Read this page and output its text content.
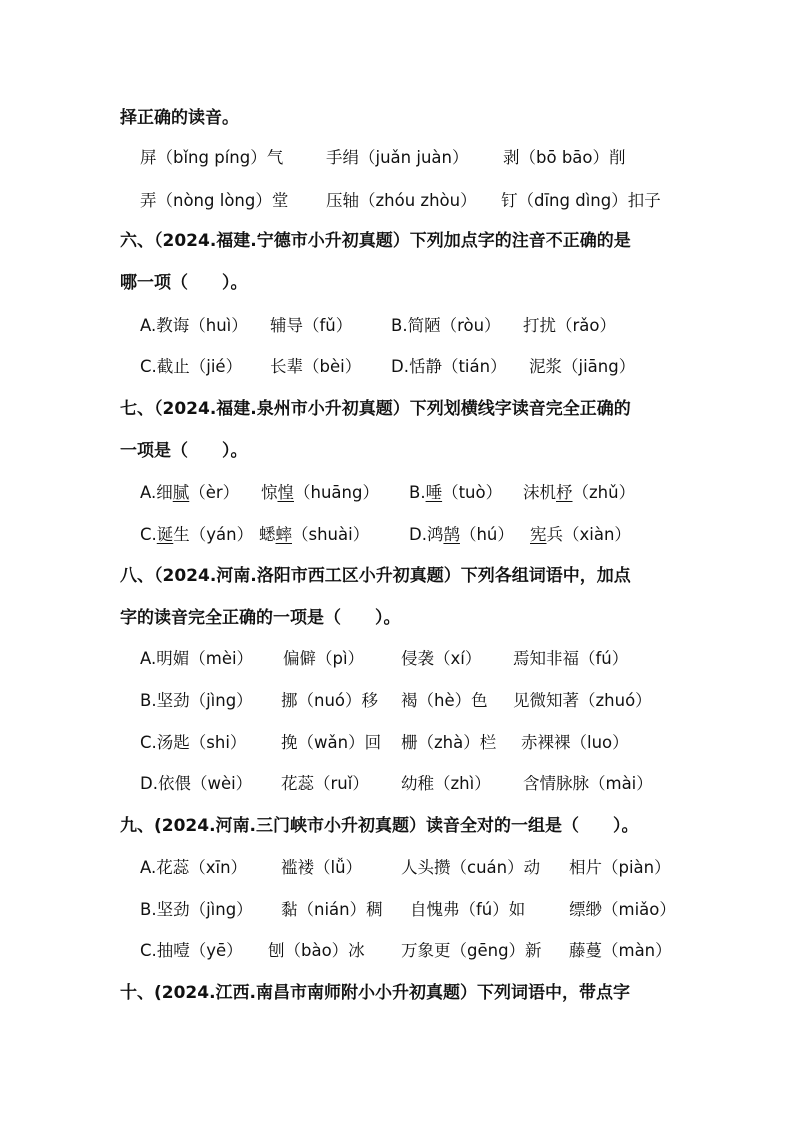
择正确的读音。
屏（bǐng píng）气	手绢（juǎn juàn） 剥（bō bāo）削
弄（nòng lòng）堂 压轴（zhóu zhòu） 钉（dīng dìng）扣子
六、（2024.福建.宁德市小升初真题）下列加点字的注音不正确的是
哪一项（　　）。
A.教诲（huì） 辅导（fǔ） B.简陋（ròu） 打扰（rǎo）
C.截止（jié） 长辈（bèi） D.恬静（tián） 泥浆（jiāng）
七、（2024.福建.泉州市小升初真题）下列划横线字读音完全正确的
一项是（　　）。
A.细腻（èr） 惊惶（huāng） B.唾（tuò） 沫机杼（zhǔ）
C.诞生（yán） 蟋蟀（shuài） D.鸿鹄（hú） 宪兵（xiàn）
八、（2024.河南.洛阳市西工区小升初真题）下列各组词语中，加点
字的读音完全正确的一项是（　　）。
A.明媚（mèi） 偏僻（pì） 侵袭（xí） 焉知非福（fú）
B.坚劲（jìng） 挪（nuó）移 褐（hè）色 见微知著（zhuó）
C.汤匙（shi） 挽（wǎn）回 栅（zhà）栏 赤裸裸（luo）
D.依偎（wèi） 花蕊（ruǐ） 幼稚（zhì） 含情脉脉（mài）
九、(2024.河南.三门峡市小升初真题）读音全对的一组是（　　）。
A.花蕊（xīn） 褴褛（lǚ） 人头攒（cuán）动 相片（piàn）
B.坚劲（jìng） 黏（nián）稠 自愧弗（fú）如	缥缈（miǎo）
C.抽噎（yē） 刨（bào）冰 万象更（gēng）新 藤蔓（màn）
十、(2024.江西.南昌市南师附小小升初真题）下列词语中，带点字
